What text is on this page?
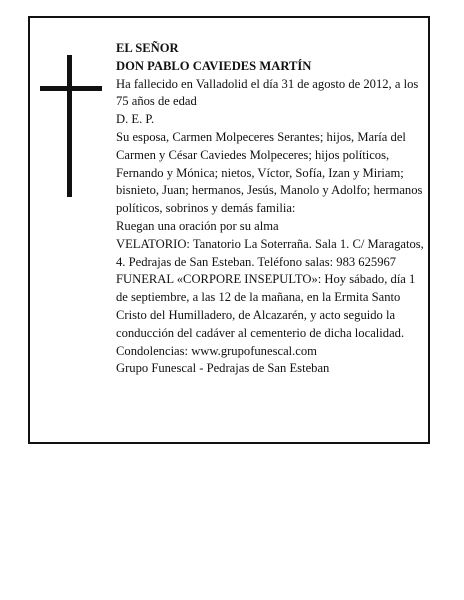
EL SEÑOR

DON PABLO CAVIEDES MARTÍN

Ha fallecido en Valladolid el día 31 de agosto de 2012, a los 75 años de edad

D. E. P.

Su esposa, Carmen Molpeceres Serantes; hijos, María del Carmen y César Caviedes Molpeceres; hijos políticos, Fernando y Mónica; nietos, Víctor, Sofía, Izan y Miriam; bisnieto, Juan; hermanos, Jesús, Manolo y Adolfo; hermanos políticos, sobrinos y demás familia:

Ruegan una oración por su alma

VELATORIO: Tanatorio La Soterraña. Sala 1. C/ Maragatos, 4. Pedrajas de San Esteban. Teléfono salas: 983 625967

FUNERAL «CORPORE INSEPULTO»: Hoy sábado, día 1 de septiembre, a las 12 de la mañana, en la Ermita Santo Cristo del Humilladero, de Alcazarén, y acto seguido la conducción del cadáver al cementerio de dicha localidad.

Condolencias: www.grupofunescal.com

Grupo Funescal - Pedrajas de San Esteban
